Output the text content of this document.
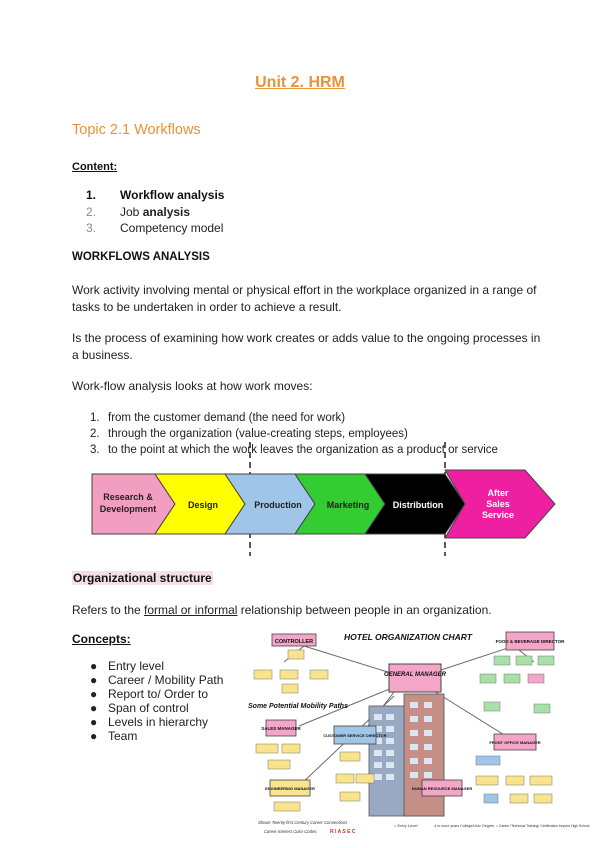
Unit 2. HRM
Topic 2.1 Workflows
Content:
1.	Workflow analysis
2.	Job analysis
3.	Competency model
WORKFLOWS ANALYSIS
Work activity involving mental or physical effort in the workplace organized in a range of tasks to be undertaken in order to achieve a result.
Is the process of examining how work creates or adds value to the ongoing processes in a business.
Work-flow analysis looks at how work moves:
1. from the customer demand (the need for work)
2. through the organization (value-creating steps, employees)
3. to the point at which the work leaves the organization as a product or service
Research & Development	Design	Production	Marketing	Distribution
After Sales Service
Organizational structure
Refers to the formal or informal relationship between people in an organization.
Concepts:
● Entry level
● Career / Mobility Path
● Report to/ Order to
● Span of control
● Levels in hierarchy
● Team
HOTEL ORGANIZATION CHART
GENERAL MANAGER
CONTROLLER	FOOD & BEVERAGE DIRECTOR
Some Potential Mobility Paths
SALES MANAGER
CUSTOMER SERVICE DIRECTOR
FRONT OFFICE MANAGER
ENGINEERING MANAGER	HUMAN RESOURCE MANAGER
Shows Twenty-first Century Career Connections
Career Interest Color Codes: R I A S E C
= Entry Level	4 or more years College/Univ. Degree = Career /Technical Training/ Certification beyond High School
